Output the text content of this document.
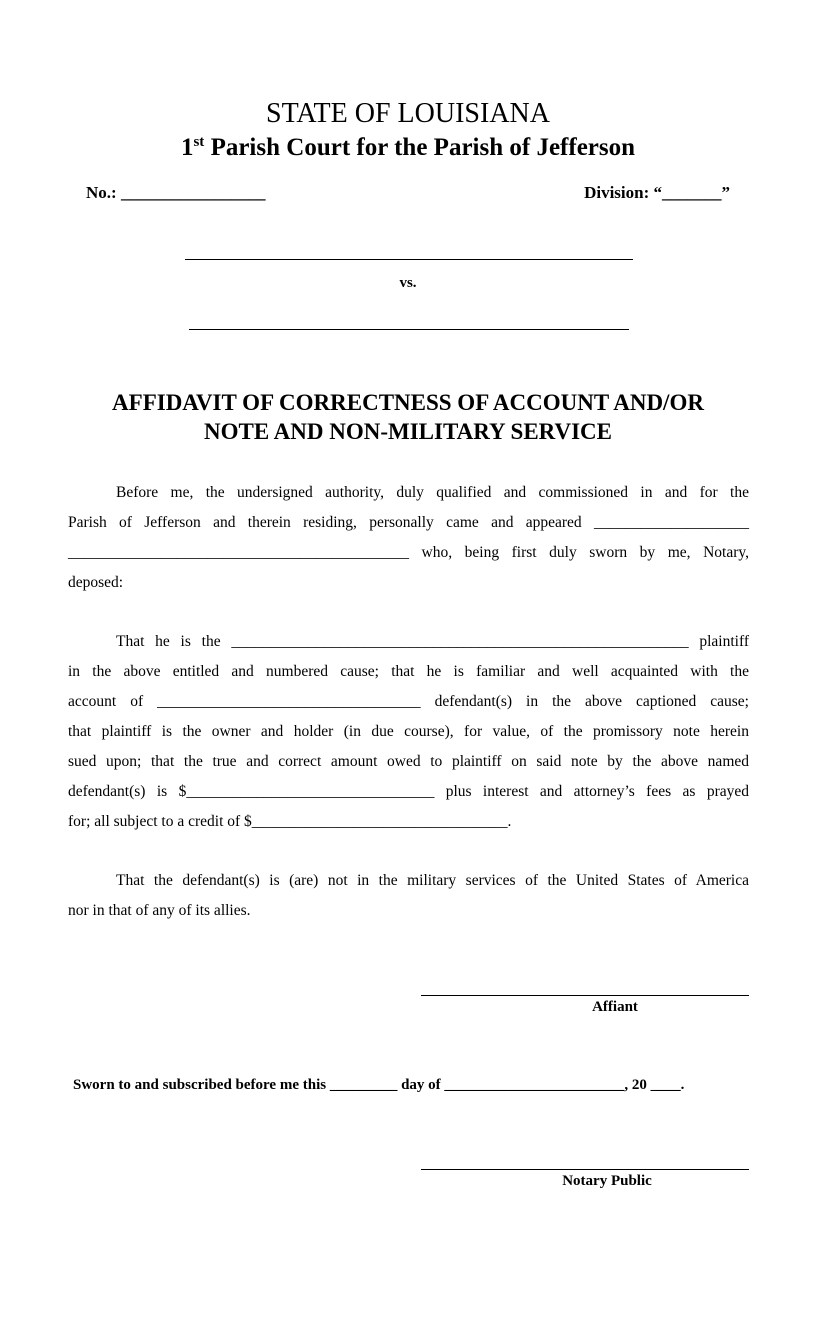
STATE OF LOUISIANA
1st Parish Court for the Parish of Jefferson
No.: _________________	Division: “_______”
vs.
AFFIDAVIT OF CORRECTNESS OF ACCOUNT AND/OR
NOTE AND NON-MILITARY SERVICE
Before me, the undersigned authority, duly qualified and commissioned in and for the
Parish of Jefferson and therein residing, personally came and appeared ____________________
____________________________________________ who, being first duly sworn by me, Notary,
deposed:
That he is the ___________________________________________________________ plaintiff
in the above entitled and numbered cause; that he is familiar and well acquainted with the
account of __________________________________ defendant(s) in the above captioned cause;
that plaintiff is the owner and holder (in due course), for value, of the promissory note herein
sued upon; that the true and correct amount owed to plaintiff on said note by the above named
defendant(s) is $________________________________ plus interest and attorney’s fees as prayed
for; all subject to a credit of $_________________________________.
That the defendant(s) is (are) not in the military services of the United States of America
nor in that of any of its allies.
Affiant
Sworn to and subscribed before me this _________ day of ________________________, 20 ____.
Notary Public
